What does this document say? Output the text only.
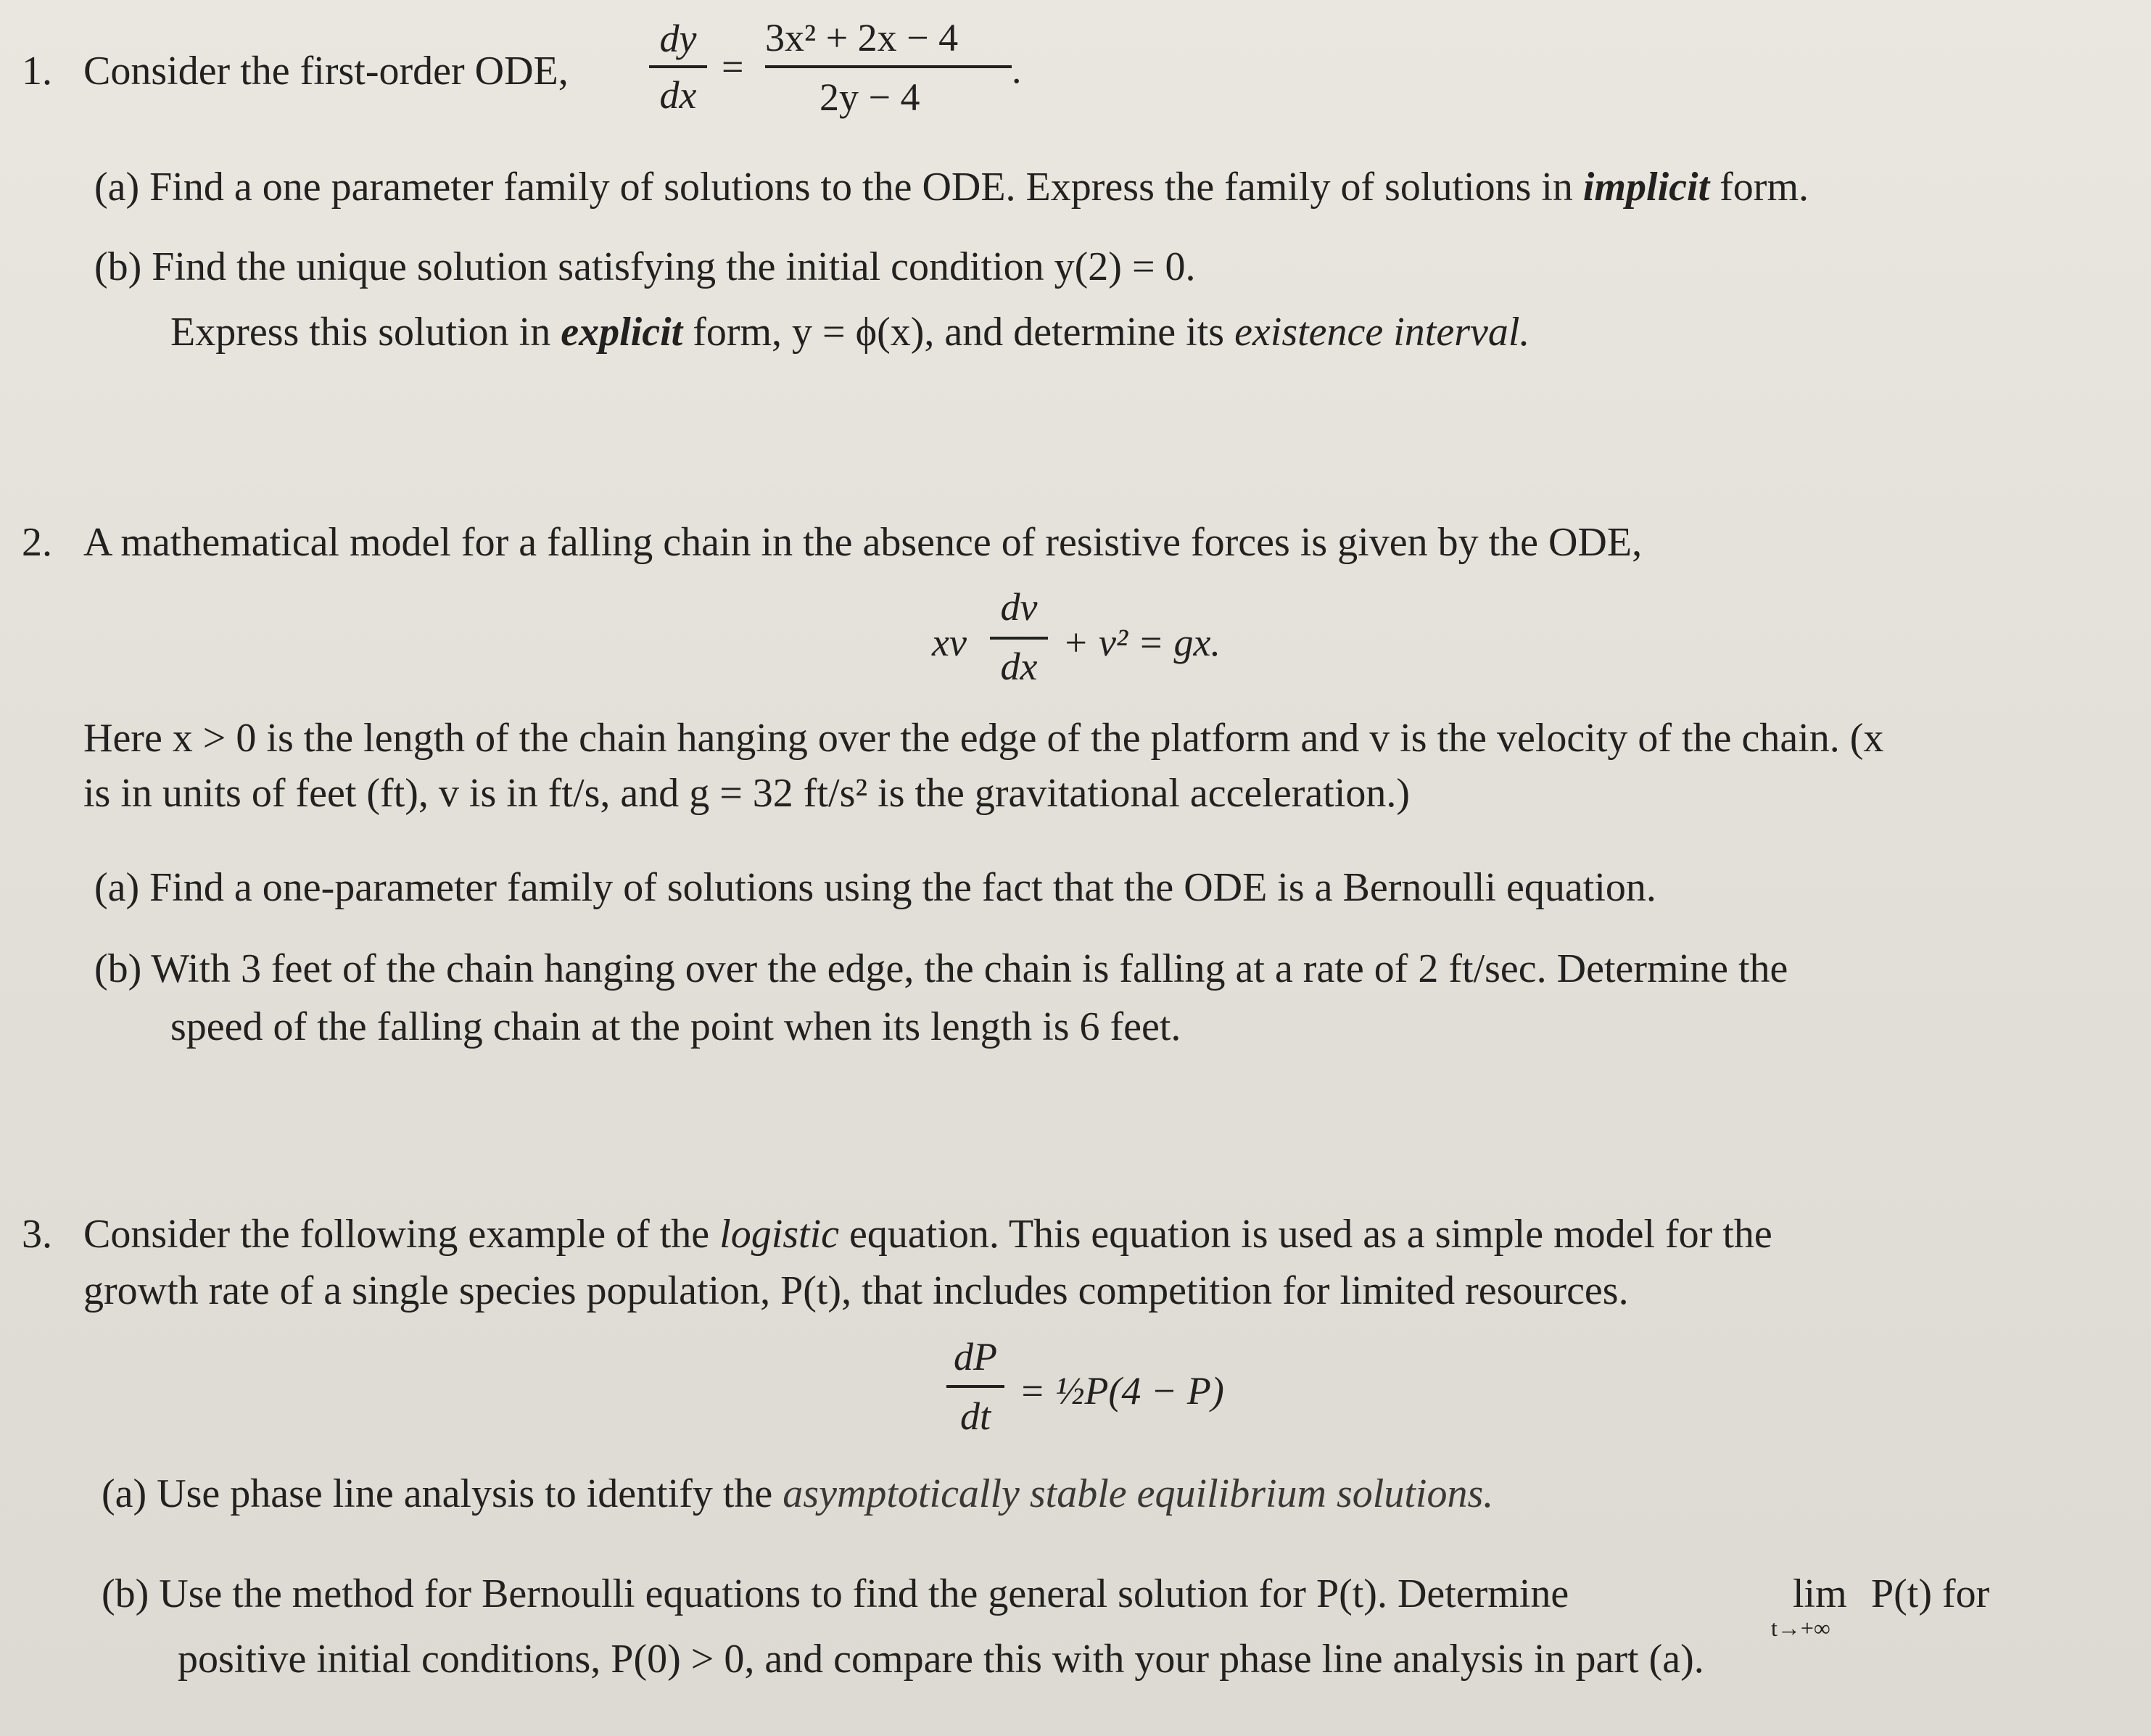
1. Consider the first-order ODE,
dy
dx
=
3x² + 2x − 4
2y − 4
.
(a) Find a one parameter family of solutions to the ODE. Express the family of solutions in implicit form.
(b) Find the unique solution satisfying the initial condition y(2) = 0.
Express this solution in explicit form, y = ϕ(x), and determine its existence interval.
2. A mathematical model for a falling chain in the absence of resistive forces is given by the ODE,
xv
dv
dx
+ v² = gx.
Here x > 0 is the length of the chain hanging over the edge of the platform and v is the velocity of the chain. (x
is in units of feet (ft), v is in ft/s, and g = 32 ft/s² is the gravitational acceleration.)
(a) Find a one-parameter family of solutions using the fact that the ODE is a Bernoulli equation.
(b) With 3 feet of the chain hanging over the edge, the chain is falling at a rate of 2 ft/sec. Determine the
speed of the falling chain at the point when its length is 6 feet.
3. Consider the following example of the logistic equation. This equation is used as a simple model for the
growth rate of a single species population, P(t), that includes competition for limited resources.
dP
dt
= ½P(4 − P)
(a) Use phase line analysis to identify the asymptotically stable equilibrium solutions.
(b) Use the method for Bernoulli equations to find the general solution for P(t). Determine	lim
t→+∞
P(t) for
positive initial conditions, P(0) > 0, and compare this with your phase line analysis in part (a).
